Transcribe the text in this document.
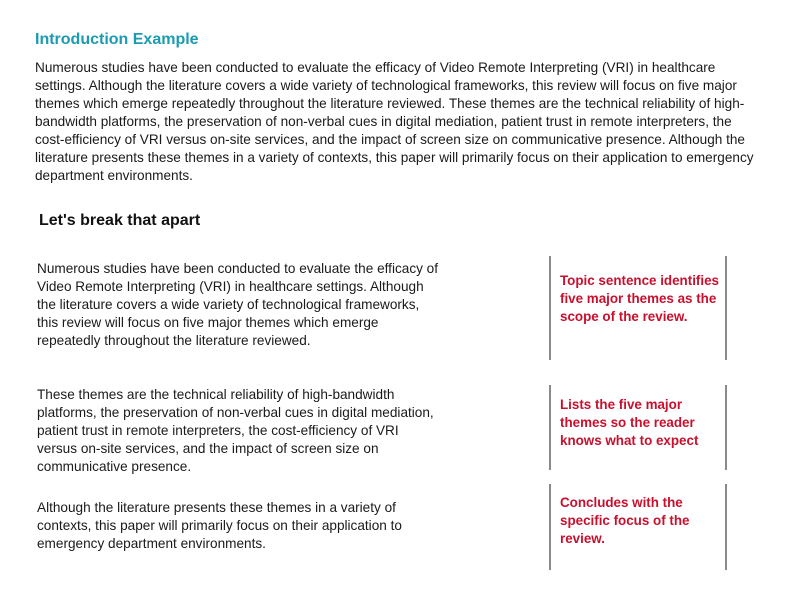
Introduction Example

Numerous studies have been conducted to evaluate the efficacy of Video Remote Interpreting (VRI) in healthcare settings. Although the literature covers a wide variety of technological frameworks, this review will focus on five major themes which emerge repeatedly throughout the literature reviewed. These themes are the technical reliability of high-bandwidth platforms, the preservation of non-verbal cues in digital mediation, patient trust in remote interpreters, the cost-efficiency of VRI versus on-site services, and the impact of screen size on communicative presence. Although the literature presents these themes in a variety of contexts, this paper will primarily focus on their application to emergency department environments.

Let's break that apart

Numerous studies have been conducted to evaluate the efficacy of Video Remote Interpreting (VRI) in healthcare settings. Although the literature covers a wide variety of technological frameworks, this review will focus on five major themes which emerge repeatedly throughout the literature reviewed.

These themes are the technical reliability of high-bandwidth platforms, the preservation of non-verbal cues in digital mediation, patient trust in remote interpreters, the cost-efficiency of VRI versus on-site services, and the impact of screen size on communicative presence.

Although the literature presents these themes in a variety of contexts, this paper will primarily focus on their application to emergency department environments.

Topic sentence identifies five major themes as the scope of the review.

Lists the five major themes so the reader knows what to expect

Concludes with the specific focus of the review.
